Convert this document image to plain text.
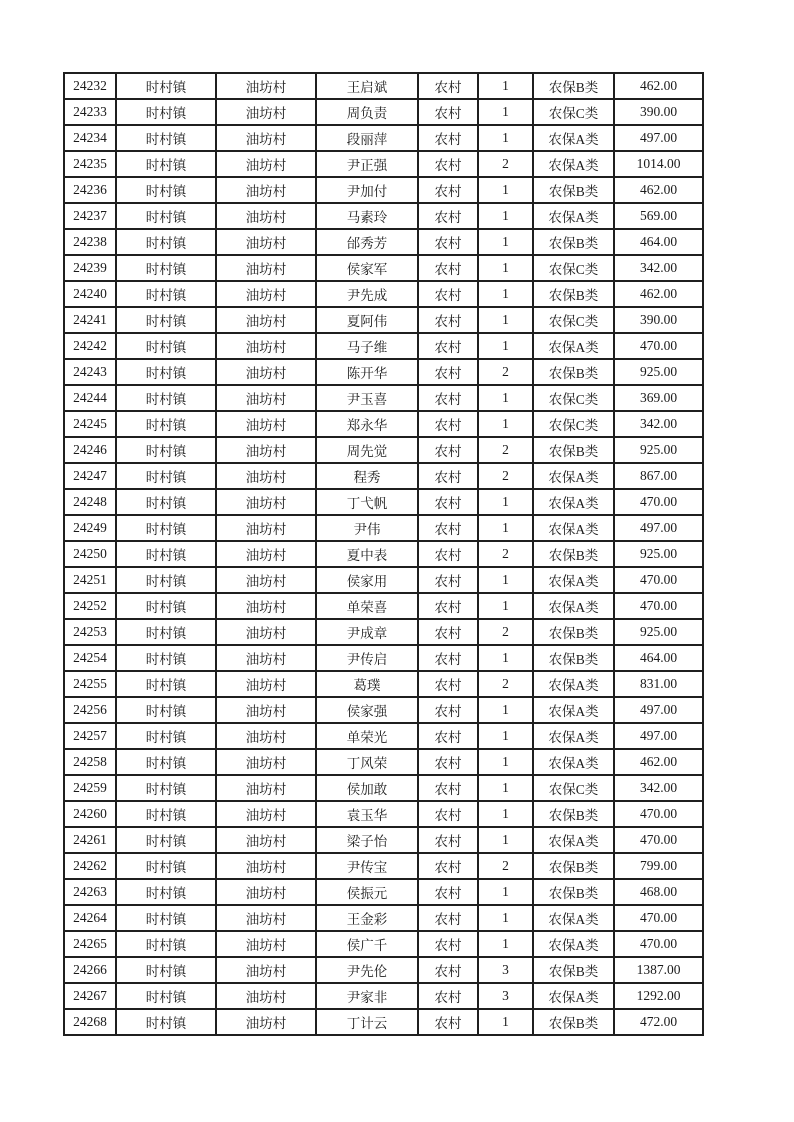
24232	时村镇	油坊村	王启斌	农村	1	农保B类	462.00
24233	时村镇	油坊村	周负责	农村	1	农保C类	390.00
24234	时村镇	油坊村	段丽萍	农村	1	农保A类	497.00
24235	时村镇	油坊村	尹正强	农村	2	农保A类	1014.00
24236	时村镇	油坊村	尹加付	农村	1	农保B类	462.00
24237	时村镇	油坊村	马素玲	农村	1	农保A类	569.00
24238	时村镇	油坊村	邰秀芳	农村	1	农保B类	464.00
24239	时村镇	油坊村	侯家军	农村	1	农保C类	342.00
24240	时村镇	油坊村	尹先成	农村	1	农保B类	462.00
24241	时村镇	油坊村	夏阿伟	农村	1	农保C类	390.00
24242	时村镇	油坊村	马子维	农村	1	农保A类	470.00
24243	时村镇	油坊村	陈开华	农村	2	农保B类	925.00
24244	时村镇	油坊村	尹玉喜	农村	1	农保C类	369.00
24245	时村镇	油坊村	郑永华	农村	1	农保C类	342.00
24246	时村镇	油坊村	周先觉	农村	2	农保B类	925.00
24247	时村镇	油坊村	程秀	农村	2	农保A类	867.00
24248	时村镇	油坊村	丁弋帆	农村	1	农保A类	470.00
24249	时村镇	油坊村	尹伟	农村	1	农保A类	497.00
24250	时村镇	油坊村	夏中表	农村	2	农保B类	925.00
24251	时村镇	油坊村	侯家用	农村	1	农保A类	470.00
24252	时村镇	油坊村	单荣喜	农村	1	农保A类	470.00
24253	时村镇	油坊村	尹成章	农村	2	农保B类	925.00
24254	时村镇	油坊村	尹传启	农村	1	农保B类	464.00
24255	时村镇	油坊村	葛璞	农村	2	农保A类	831.00
24256	时村镇	油坊村	侯家强	农村	1	农保A类	497.00
24257	时村镇	油坊村	单荣光	农村	1	农保A类	497.00
24258	时村镇	油坊村	丁风荣	农村	1	农保A类	462.00
24259	时村镇	油坊村	侯加敢	农村	1	农保C类	342.00
24260	时村镇	油坊村	袁玉华	农村	1	农保B类	470.00
24261	时村镇	油坊村	梁子怡	农村	1	农保A类	470.00
24262	时村镇	油坊村	尹传宝	农村	2	农保B类	799.00
24263	时村镇	油坊村	侯振元	农村	1	农保B类	468.00
24264	时村镇	油坊村	王金彩	农村	1	农保A类	470.00
24265	时村镇	油坊村	侯广千	农村	1	农保A类	470.00
24266	时村镇	油坊村	尹先伦	农村	3	农保B类	1387.00
24267	时村镇	油坊村	尹家非	农村	3	农保A类	1292.00
24268	时村镇	油坊村	丁计云	农村	1	农保B类	472.00
